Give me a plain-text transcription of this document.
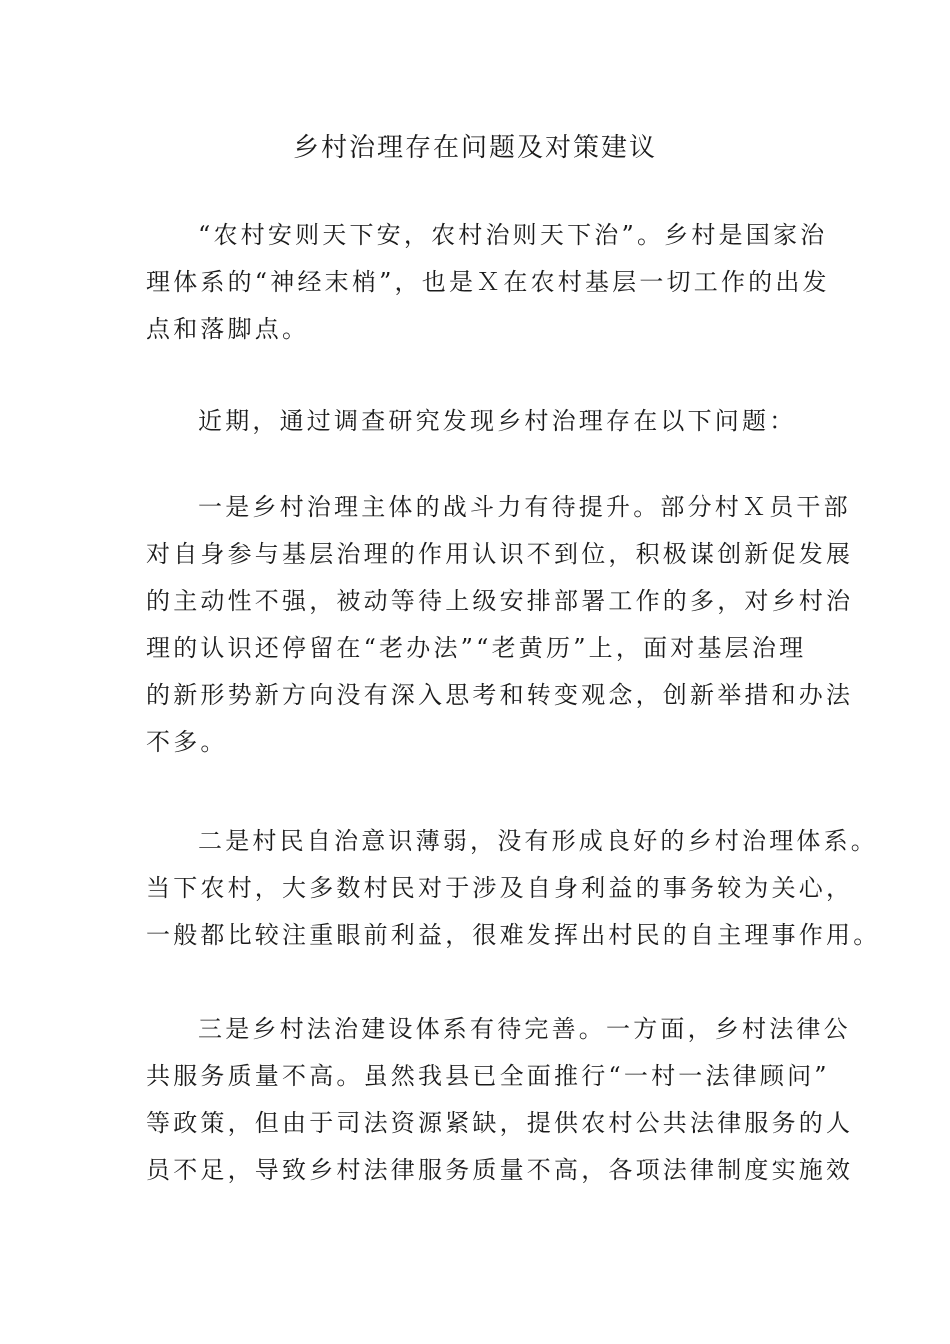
乡村治理存在问题及对策建议
“农村安则天下安，农村治则天下治”。乡村是国家治
理体系的“神经末梢”，也是Ｘ在农村基层一切工作的出发
点和落脚点。
近期，通过调查研究发现乡村治理存在以下问题：
一是乡村治理主体的战斗力有待提升。部分村Ｘ员干部
对自身参与基层治理的作用认识不到位，积极谋创新促发展
的主动性不强，被动等待上级安排部署工作的多，对乡村治
理的认识还停留在“老办法”“老黄历”上，面对基层治理
的新形势新方向没有深入思考和转变观念，创新举措和办法
不多。
二是村民自治意识薄弱，没有形成良好的乡村治理体系。
当下农村，大多数村民对于涉及自身利益的事务较为关心，
一般都比较注重眼前利益，很难发挥出村民的自主理事作用。
三是乡村法治建设体系有待完善。一方面，乡村法律公
共服务质量不高。虽然我县已全面推行“一村一法律顾问”
等政策，但由于司法资源紧缺，提供农村公共法律服务的人
员不足，导致乡村法律服务质量不高，各项法律制度实施效
